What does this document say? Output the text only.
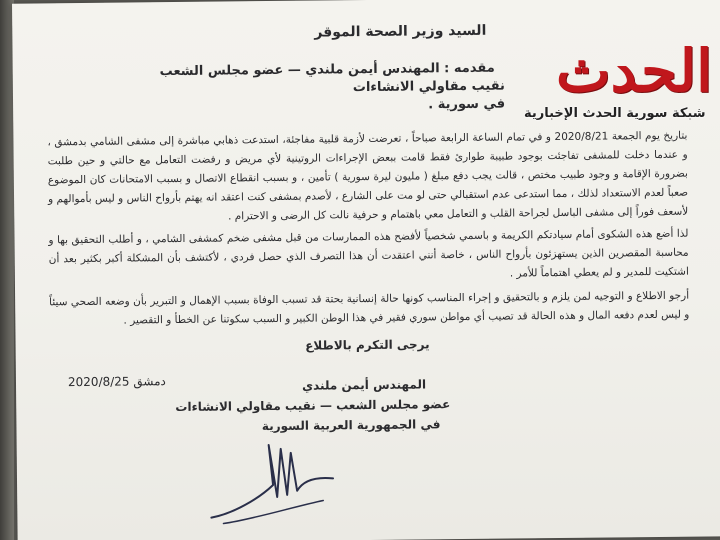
السيد وزير الصحة الموقر
مقدمه : المهندس أيمن ملندي — عضو مجلس الشعب
نقيب مقاولي الانشاءات
في سورية .
بتاريخ يوم الجمعة 2020/8/21 و في تمام الساعة الرابعة صباحاً ، تعرضت لأزمة قلبية مفاجئة، استدعت ذهابي مباشرة إلى مشفى الشامي بدمشق ، و عندما دخلت للمشفى تفاجئت بوجود طبيبة طوارئ فقط قامت ببعض الإجراءات الروتينية لأي مريض و رفضت التعامل مع حالتي و حين طلبت بضرورة الإقامة و وجود طبيب مختص ، قالت يجب دفع مبلغ ( مليون ليرة سورية ) تأمين ، و بسبب انقطاع الاتصال و بسبب الامتحانات كان الموضوع صعباً لعدم الاستعداد لذلك ، مما استدعى عدم استقبالي حتى لو مت على الشارع ، لأصدم بمشفى كنت اعتقد انه يهتم بأرواح الناس و ليس بأموالهم و لأسعف فوراً إلى مشفى الباسل لجراحة القلب و التعامل معي باهتمام و حرفية نالت كل الرضى و الاحترام .
لذا أضع هذه الشكوى أمام سيادتكم الكريمة و باسمي شخصياً لأفضح هذه الممارسات من قبل مشفى ضخم كمشفى الشامي ، و أطلب التحقيق بها و محاسبة المقصرين الذين يستهزئون بأرواح الناس ، خاصة أنني اعتقدت أن هذا التصرف الذي حصل فردي ، لأكتشف بأن المشكلة أكبر بكثير بعد أن اشتكيت للمدير و لم يعطي اهتماماً للأمر .
أرجو الاطلاع و التوجيه لمن يلزم و بالتحقيق و إجراء المناسب كونها حالة إنسانية بحتة قد تسبب الوفاة بسبب الإهمال و التبرير بأن وضعه الصحي سيئاً و ليس لعدم دفعه المال و هذه الحالة قد تصيب أي مواطن سوري فقير في هذا الوطن الكبير و السبب سكوتنا عن الخطأ و التقصير .
يرجى التكرم بالاطلاع
دمشق 2020/8/25	المهندس أيمن ملندي
عضو مجلس الشعب — نقيب مقاولي الانشاءات
في الجمهورية العربية السورية
الحدث
شبكة سورية الحدث الإخبارية
